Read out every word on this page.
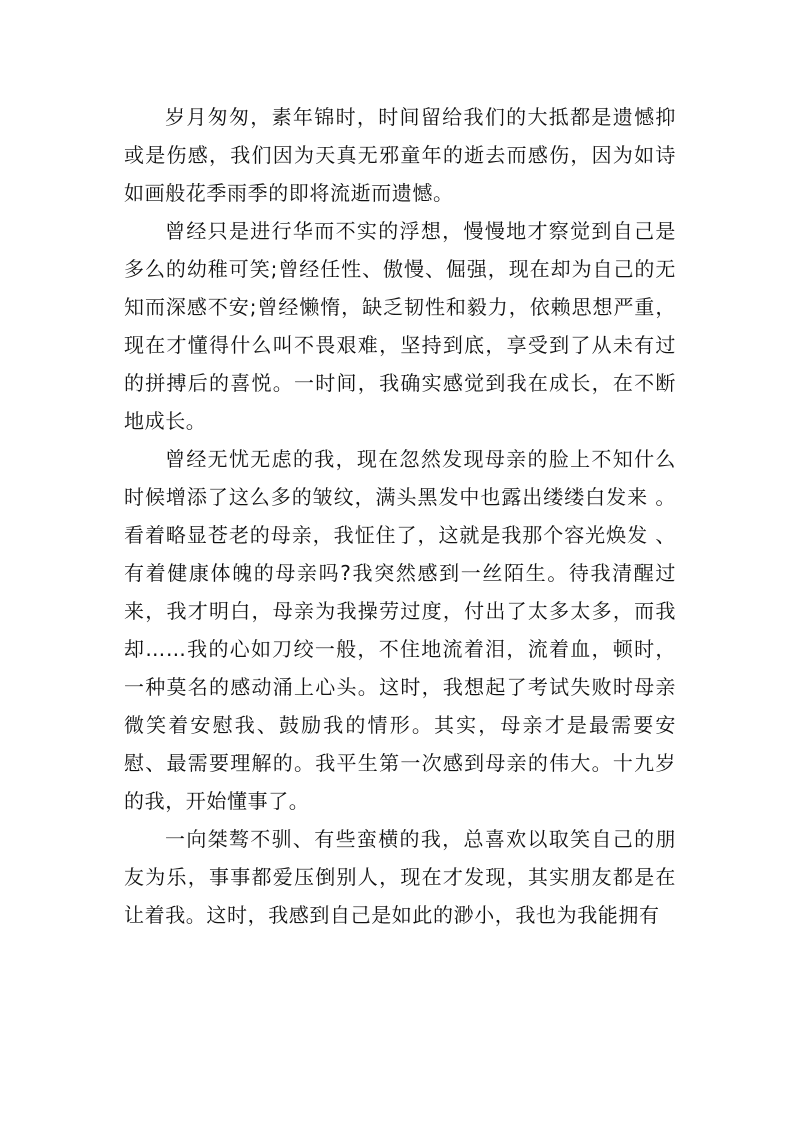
岁月匆匆，素年锦时，时间留给我们的大抵都是遗憾抑或是伤感，我们因为天真无邪童年的逝去而感伤，因为如诗如画般花季雨季的即将流逝而遗憾。

曾经只是进行华而不实的浮想，慢慢地才察觉到自己是多么的幼稚可笑;曾经任性、傲慢、倔强，现在却为自己的无知而深感不安;曾经懒惰，缺乏韧性和毅力，依赖思想严重，现在才懂得什么叫不畏艰难，坚持到底，享受到了从未有过的拼搏后的喜悦。一时间，我确实感觉到我在成长，在不断地成长。

曾经无忧无虑的我，现在忽然发现母亲的脸上不知什么时候增添了这么多的皱纹，满头黑发中也露出缕缕白发来 。看着略显苍老的母亲，我怔住了，这就是我那个容光焕发 、有着健康体魄的母亲吗?我突然感到一丝陌生。待我清醒过来，我才明白，母亲为我操劳过度，付出了太多太多，而我却……我的心如刀绞一般，不住地流着泪，流着血，顿时，一种莫名的感动涌上心头。这时，我想起了考试失败时母亲微笑着安慰我、鼓励我的情形。其实，母亲才是最需要安慰、最需要理解的。我平生第一次感到母亲的伟大。十九岁的我，开始懂事了。

一向桀骜不驯、有些蛮横的我，总喜欢以取笑自己的朋友为乐，事事都爱压倒别人，现在才发现，其实朋友都是在让着我。这时，我感到自己是如此的渺小，我也为我能拥有
